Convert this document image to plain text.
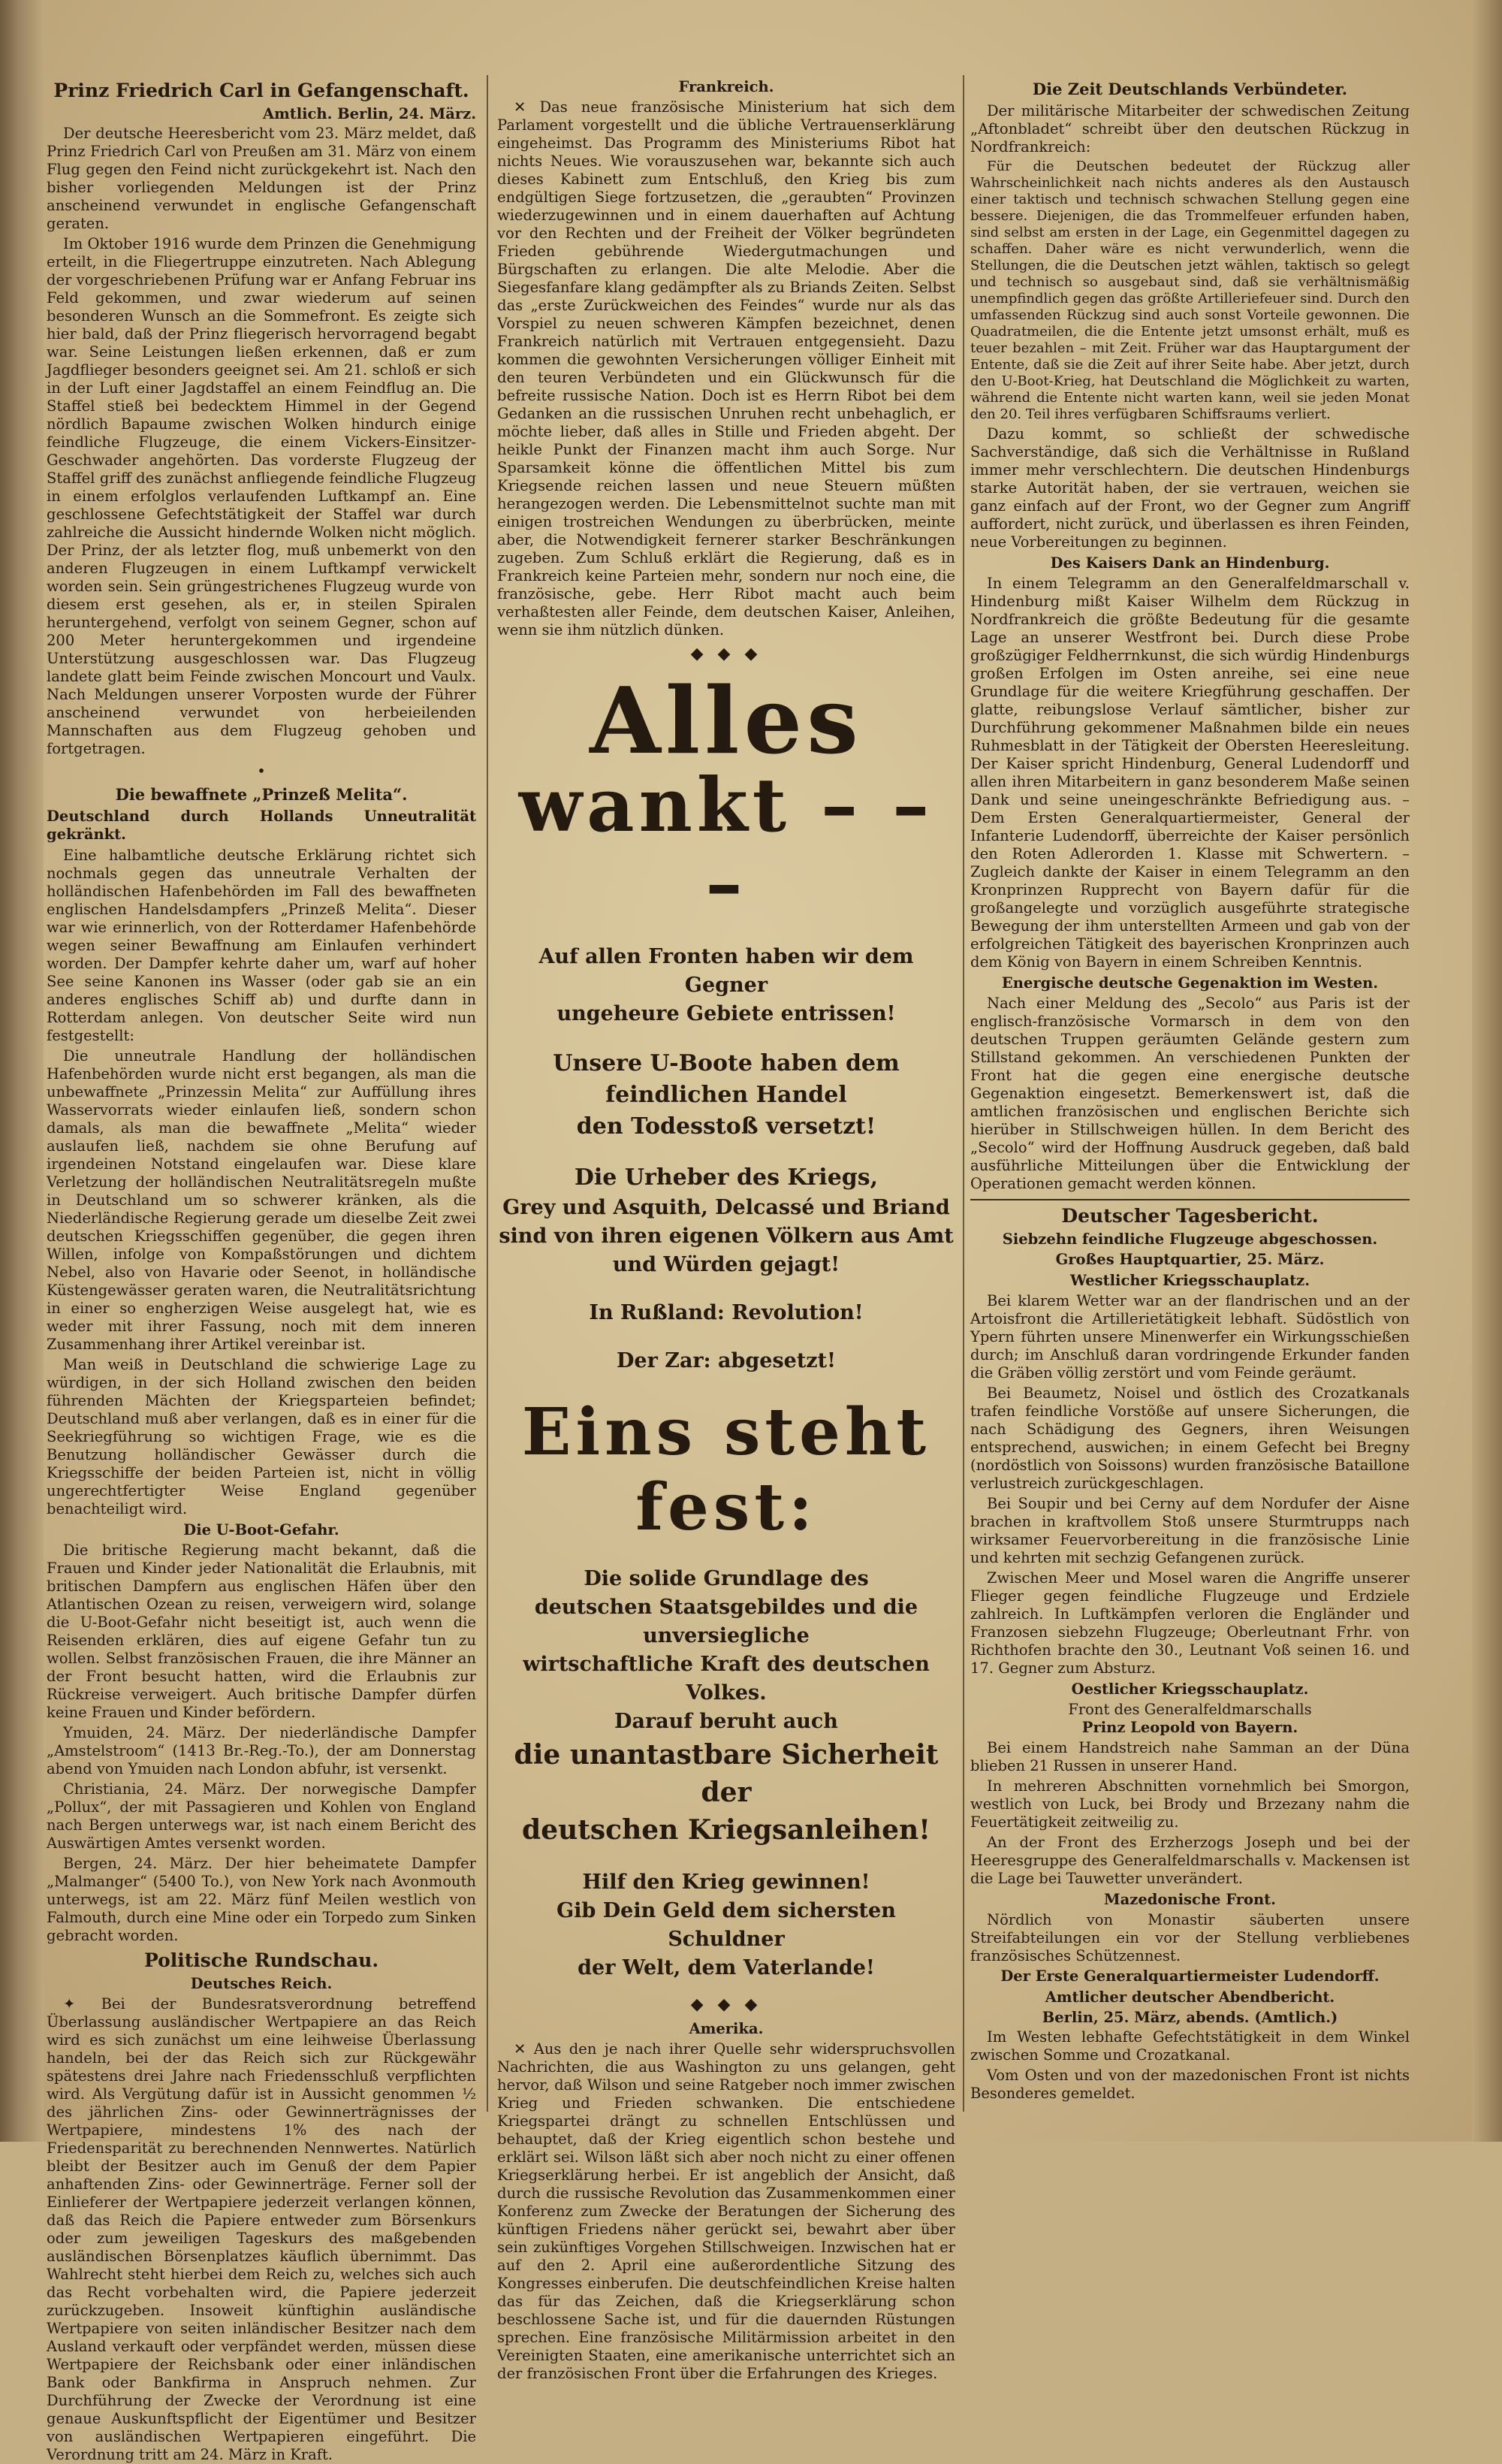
Prinz Friedrich Carl in Gefangenschaft.
Amtlich. Berlin, 24. März.

Der deutsche Heeresbericht vom 23. März meldet, daß Prinz Friedrich Carl von Preußen am 31. März von einem Flug gegen den Feind nicht zurückgekehrt ist. Nach den bisher vorliegenden Meldungen ist der Prinz anscheinend verwundet in englische Gefangenschaft geraten.

Im Oktober 1916 wurde dem Prinzen die Genehmigung erteilt, in die Fliegertruppe einzutreten. Nach Ablegung der vorgeschriebenen Prüfung war er Anfang Februar ins Feld gekommen, und zwar wiederum auf seinen besonderen Wunsch an die Sommefront. Es zeigte sich hier bald, daß der Prinz fliegerisch hervorragend begabt war. Seine Leistungen ließen erkennen, daß er zum Jagdflieger besonders geeignet sei. Am 21. schloß er sich in der Luft einer Jagdstaffel an einem Feindflug an. Die Staffel stieß bei bedecktem Himmel in der Gegend nördlich Bapaume zwischen Wolken hindurch einige feindliche Flugzeuge, die einem Vickers-Einsitzer-Geschwader angehörten. Das vorderste Flugzeug der Staffel griff des zunächst anfliegende feindliche Flugzeug in einem erfolglos verlaufenden Luftkampf an. Eine geschlossene Gefechtstätigkeit der Staffel war durch zahlreiche die Aussicht hindernde Wolken nicht möglich. Der Prinz, der als letzter flog, muß unbemerkt von den anderen Flugzeugen in einem Luftkampf verwickelt worden sein. Sein grüngestrichenes Flugzeug wurde von diesem erst gesehen, als er, in steilen Spiralen heruntergehend, verfolgt von seinem Gegner, schon auf 200 Meter heruntergekommen und irgendeine Unterstützung ausgeschlossen war. Das Flugzeug landete glatt beim Feinde zwischen Moncourt und Vaulx. Nach Meldungen unserer Vorposten wurde der Führer anscheinend verwundet von herbeieilenden Mannschaften aus dem Flugzeug gehoben und fortgetragen.

•
Die bewaffnete „Prinzeß Melita“.

Deutschland durch Hollands Unneutralität gekränkt.

Eine halbamtliche deutsche Erklärung richtet sich nochmals gegen das unneutrale Verhalten der holländischen Hafenbehörden im Fall des bewaffneten englischen Handelsdampfers „Prinzeß Melita“. Dieser war wie erinnerlich, von der Rotterdamer Hafenbehörde wegen seiner Bewaffnung am Einlaufen verhindert worden. Der Dampfer kehrte daher um, warf auf hoher See seine Kanonen ins Wasser (oder gab sie an ein anderes englisches Schiff ab) und durfte dann in Rotterdam anlegen. Von deutscher Seite wird nun festgestellt:

Die unneutrale Handlung der holländischen Hafenbehörden wurde nicht erst begangen, als man die unbewaffnete „Prinzessin Melita“ zur Auffüllung ihres Wasservorrats wieder einlaufen ließ, sondern schon damals, als man die bewaffnete „Melita“ wieder auslaufen ließ, nachdem sie ohne Berufung auf irgendeinen Notstand eingelaufen war. Diese klare Verletzung der holländischen Neutralitätsregeln mußte in Deutschland um so schwerer kränken, als die Niederländische Regierung gerade um dieselbe Zeit zwei deutschen Kriegsschiffen gegenüber, die gegen ihren Willen, infolge von Kompaßstörungen und dichtem Nebel, also von Havarie oder Seenot, in holländische Küstengewässer geraten waren, die Neutralitätsrichtung in einer so engherzigen Weise ausgelegt hat, wie es weder mit ihrer Fassung, noch mit dem inneren Zusammenhang ihrer Artikel vereinbar ist.

Man weiß in Deutschland die schwierige Lage zu würdigen, in der sich Holland zwischen den beiden führenden Mächten der Kriegsparteien befindet; Deutschland muß aber verlangen, daß es in einer für die Seekriegführung so wichtigen Frage, wie es die Benutzung holländischer Gewässer durch die Kriegsschiffe der beiden Parteien ist, nicht in völlig ungerechtfertigter Weise England gegenüber benachteiligt wird.

Die U-Boot-Gefahr.

Die britische Regierung macht bekannt, daß die Frauen und Kinder jeder Nationalität die Erlaubnis, mit britischen Dampfern aus englischen Häfen über den Atlantischen Ozean zu reisen, verweigern wird, solange die U-Boot-Gefahr nicht beseitigt ist, auch wenn die Reisenden erklären, dies auf eigene Gefahr tun zu wollen. Selbst französischen Frauen, die ihre Männer an der Front besucht hatten, wird die Erlaubnis zur Rückreise verweigert. Auch britische Dampfer dürfen keine Frauen und Kinder befördern.

Ymuiden, 24. März. Der niederländische Dampfer „Amstelstroom“ (1413 Br.-Reg.-To.), der am Donnerstag abend von Ymuiden nach London abfuhr, ist versenkt.

Christiania, 24. März. Der norwegische Dampfer „Pollux“, der mit Passagieren und Kohlen von England nach Bergen unterwegs war, ist nach einem Bericht des Auswärtigen Amtes versenkt worden.

Bergen, 24. März. Der hier beheimatete Dampfer „Malmanger“ (5400 To.), von New York nach Avonmouth unterwegs, ist am 22. März fünf Meilen westlich von Falmouth, durch eine Mine oder ein Torpedo zum Sinken gebracht worden.

Politische Rundschau.
Deutsches Reich.

✦ Bei der Bundesratsverordnung betreffend Überlassung ausländischer Wertpapiere an das Reich wird es sich zunächst um eine leihweise Überlassung handeln, bei der das Reich sich zur Rückgewähr spätestens drei Jahre nach Friedensschluß verpflichten wird. Als Vergütung dafür ist in Aussicht genommen ½ des jährlichen Zins- oder Gewinnerträgnisses der Wertpapiere, mindestens 1% des nach der Friedensparität zu berechnenden Nennwertes. Natürlich bleibt der Besitzer auch im Genuß der dem Papier anhaftenden Zins- oder Gewinnerträge. Ferner soll der Einlieferer der Wertpapiere jederzeit verlangen können, daß das Reich die Papiere entweder zum Börsenkurs oder zum jeweiligen Tageskurs des maßgebenden ausländischen Börsenplatzes käuflich übernimmt. Das Wahlrecht steht hierbei dem Reich zu, welches sich auch das Recht vorbehalten wird, die Papiere jederzeit zurückzugeben. Insoweit künftighin ausländische Wertpapiere von seiten inländischer Besitzer nach dem Ausland verkauft oder verpfändet werden, müssen diese Wertpapiere der Reichsbank oder einer inländischen Bank oder Bankfirma in Anspruch nehmen. Zur Durchführung der Zwecke der Verordnung ist eine genaue Auskunftspflicht der Eigentümer und Besitzer von ausländischen Wertpapieren eingeführt. Die Verordnung tritt am 24. März in Kraft.

Frankreich.

✕ Das neue französische Ministerium hat sich dem Parlament vorgestellt und die übliche Vertrauenserklärung eingeheimst. Das Programm des Ministeriums Ribot hat nichts Neues. Wie vorauszusehen war, bekannte sich auch dieses Kabinett zum Entschluß, den Krieg bis zum endgültigen Siege fortzusetzen, die „geraubten“ Provinzen wiederzugewinnen und in einem dauerhaften auf Achtung vor den Rechten und der Freiheit der Völker begründeten Frieden gebührende Wiedergutmachungen und Bürgschaften zu erlangen. Die alte Melodie. Aber die Siegesfanfare klang gedämpfter als zu Briands Zeiten. Selbst das „erste Zurückweichen des Feindes“ wurde nur als das Vorspiel zu neuen schweren Kämpfen bezeichnet, denen Frankreich natürlich mit Vertrauen entgegensieht. Dazu kommen die gewohnten Versicherungen völliger Einheit mit den teuren Verbündeten und ein Glückwunsch für die befreite russische Nation. Doch ist es Herrn Ribot bei dem Gedanken an die russischen Unruhen recht unbehaglich, er möchte lieber, daß alles in Stille und Frieden abgeht. Der heikle Punkt der Finanzen macht ihm auch Sorge. Nur Sparsamkeit könne die öffentlichen Mittel bis zum Kriegsende reichen lassen und neue Steuern müßten herangezogen werden. Die Lebensmittelnot suchte man mit einigen trostreichen Wendungen zu überbrücken, meinte aber, die Notwendigkeit fernerer starker Beschränkungen zugeben. Zum Schluß erklärt die Regierung, daß es in Frankreich keine Parteien mehr, sondern nur noch eine, die französische, gebe. Herr Ribot macht auch beim verhaßtesten aller Feinde, dem deutschen Kaiser, Anleihen, wenn sie ihm nützlich dünken.

◆ ◆ ◆
Alles
wankt – – –
Auf allen Fronten haben wir dem Gegner
ungeheure Gebiete entrissen!
Unsere U-Boote haben dem feindlichen Handel
den Todesstoß versetzt!
Die Urheber des Kriegs,
Grey und Asquith, Delcassé und Briand
sind von ihren eigenen Völkern aus Amt
und Würden gejagt!
In Rußland: Revolution!
Der Zar: abgesetzt!
Eins steht fest:
Die solide Grundlage des
deutschen Staatsgebildes und die unversiegliche
wirtschaftliche Kraft des deutschen Volkes.
Darauf beruht auch
die unantastbare Sicherheit der
deutschen Kriegsanleihen!
Hilf den Krieg gewinnen!
Gib Dein Geld dem sichersten Schuldner
der Welt, dem Vaterlande!
◆ ◆ ◆
Amerika.

✕ Aus den je nach ihrer Quelle sehr widerspruchsvollen Nachrichten, die aus Washington zu uns gelangen, geht hervor, daß Wilson und seine Ratgeber noch immer zwischen Krieg und Frieden schwanken. Die entschiedene Kriegspartei drängt zu schnellen Entschlüssen und behauptet, daß der Krieg eigentlich schon bestehe und erklärt sei. Wilson läßt sich aber noch nicht zu einer offenen Kriegserklärung herbei. Er ist angeblich der Ansicht, daß durch die russische Revolution das Zusammenkommen einer Konferenz zum Zwecke der Beratungen der Sicherung des künftigen Friedens näher gerückt sei, bewahrt aber über sein zukünftiges Vorgehen Stillschweigen. Inzwischen hat er auf den 2. April eine außerordentliche Sitzung des Kongresses einberufen. Die deutschfeindlichen Kreise halten das für das Zeichen, daß die Kriegserklärung schon beschlossene Sache ist, und für die dauernden Rüstungen sprechen. Eine französische Militärmission arbeitet in den Vereinigten Staaten, eine amerikanische unterrichtet sich an der französischen Front über die Erfahrungen des Krieges.

Die Zeit Deutschlands Verbündeter.

Der militärische Mitarbeiter der schwedischen Zeitung „Aftonbladet“ schreibt über den deutschen Rückzug in Nordfrankreich:

Für die Deutschen bedeutet der Rückzug aller Wahrscheinlichkeit nach nichts anderes als den Austausch einer taktisch und technisch schwachen Stellung gegen eine bessere. Diejenigen, die das Trommelfeuer erfunden haben, sind selbst am ersten in der Lage, ein Gegenmittel dagegen zu schaffen. Daher wäre es nicht verwunderlich, wenn die Stellungen, die die Deutschen jetzt wählen, taktisch so gelegt und technisch so ausgebaut sind, daß sie verhältnismäßig unempfindlich gegen das größte Artilleriefeuer sind. Durch den umfassenden Rückzug sind auch sonst Vorteile gewonnen. Die Quadratmeilen, die die Entente jetzt umsonst erhält, muß es teuer bezahlen – mit Zeit. Früher war das Hauptargument der Entente, daß sie die Zeit auf ihrer Seite habe. Aber jetzt, durch den U-Boot-Krieg, hat Deutschland die Möglichkeit zu warten, während die Entente nicht warten kann, weil sie jeden Monat den 20. Teil ihres verfügbaren Schiffsraums verliert.

Dazu kommt, so schließt der schwedische Sachverständige, daß sich die Verhältnisse in Rußland immer mehr verschlechtern. Die deutschen Hindenburgs starke Autorität haben, der sie vertrauen, weichen sie ganz einfach auf der Front, wo der Gegner zum Angriff auffordert, nicht zurück, und überlassen es ihren Feinden, neue Vorbereitungen zu beginnen.

Des Kaisers Dank an Hindenburg.

In einem Telegramm an den Generalfeldmarschall v. Hindenburg mißt Kaiser Wilhelm dem Rückzug in Nordfrankreich die größte Bedeutung für die gesamte Lage an unserer Westfront bei. Durch diese Probe großzügiger Feldherrnkunst, die sich würdig Hindenburgs großen Erfolgen im Osten anreihe, sei eine neue Grundlage für die weitere Kriegführung geschaffen. Der glatte, reibungslose Verlauf sämtlicher, bisher zur Durchführung gekommener Maßnahmen bilde ein neues Ruhmesblatt in der Tätigkeit der Obersten Heeresleitung. Der Kaiser spricht Hindenburg, General Ludendorff und allen ihren Mitarbeitern in ganz besonderem Maße seinen Dank und seine uneingeschränkte Befriedigung aus. – Dem Ersten Generalquartiermeister, General der Infanterie Ludendorff, überreichte der Kaiser persönlich den Roten Adlerorden 1. Klasse mit Schwertern. – Zugleich dankte der Kaiser in einem Telegramm an den Kronprinzen Rupprecht von Bayern dafür für die großangelegte und vorzüglich ausgeführte strategische Bewegung der ihm unterstellten Armeen und gab von der erfolgreichen Tätigkeit des bayerischen Kronprinzen auch dem König von Bayern in einem Schreiben Kenntnis.

Energische deutsche Gegenaktion im Westen.

Nach einer Meldung des „Secolo“ aus Paris ist der englisch-französische Vormarsch in dem von den deutschen Truppen geräumten Gelände gestern zum Stillstand gekommen. An verschiedenen Punkten der Front hat die gegen eine energische deutsche Gegenaktion eingesetzt. Bemerkenswert ist, daß die amtlichen französischen und englischen Berichte sich hierüber in Stillschweigen hüllen. In dem Bericht des „Secolo“ wird der Hoffnung Ausdruck gegeben, daß bald ausführliche Mitteilungen über die Entwicklung der Operationen gemacht werden können.

Deutscher Tagesbericht.
Siebzehn feindliche Flugzeuge abgeschossen.
Großes Hauptquartier, 25. März.
Westlicher Kriegsschauplatz.

Bei klarem Wetter war an der flandrischen und an der Artoisfront die Artillerietätigkeit lebhaft. Südöstlich von Ypern führten unsere Minenwerfer ein Wirkungsschießen durch; im Anschluß daran vordringende Erkunder fanden die Gräben völlig zerstört und vom Feinde geräumt.

Bei Beaumetz, Noisel und östlich des Crozatkanals trafen feindliche Vorstöße auf unsere Sicherungen, die nach Schädigung des Gegners, ihren Weisungen entsprechend, auswichen; in einem Gefecht bei Bregny (nordöstlich von Soissons) wurden französische Bataillone verlustreich zurückgeschlagen.

Bei Soupir und bei Cerny auf dem Nordufer der Aisne brachen in kraftvollem Stoß unsere Sturmtrupps nach wirksamer Feuervorbereitung in die französische Linie und kehrten mit sechzig Gefangenen zurück.

Zwischen Meer und Mosel waren die Angriffe unserer Flieger gegen feindliche Flugzeuge und Erdziele zahlreich. In Luftkämpfen verloren die Engländer und Franzosen siebzehn Flugzeuge; Oberleutnant Frhr. von Richthofen brachte den 30., Leutnant Voß seinen 16. und 17. Gegner zum Absturz.

Oestlicher Kriegsschauplatz.
Front des Generalfeldmarschalls
Prinz Leopold von Bayern.

Bei einem Handstreich nahe Samman an der Düna blieben 21 Russen in unserer Hand.

In mehreren Abschnitten vornehmlich bei Smorgon, westlich von Luck, bei Brody und Brzezany nahm die Feuertätigkeit zeitweilig zu.

An der Front des Erzherzogs Joseph und bei der Heeresgruppe des Generalfeldmarschalls v. Mackensen ist die Lage bei Tauwetter unverändert.

Mazedonische Front.

Nördlich von Monastir säuberten unsere Streifabteilungen ein vor der Stellung verbliebenes französisches Schützennest.

Der Erste Generalquartiermeister Ludendorff.
Amtlicher deutscher Abendbericht.
Berlin, 25. März, abends. (Amtlich.)

Im Westen lebhafte Gefechtstätigkeit in dem Winkel zwischen Somme und Crozatkanal.

Vom Osten und von der mazedonischen Front ist nichts Besonderes gemeldet.
